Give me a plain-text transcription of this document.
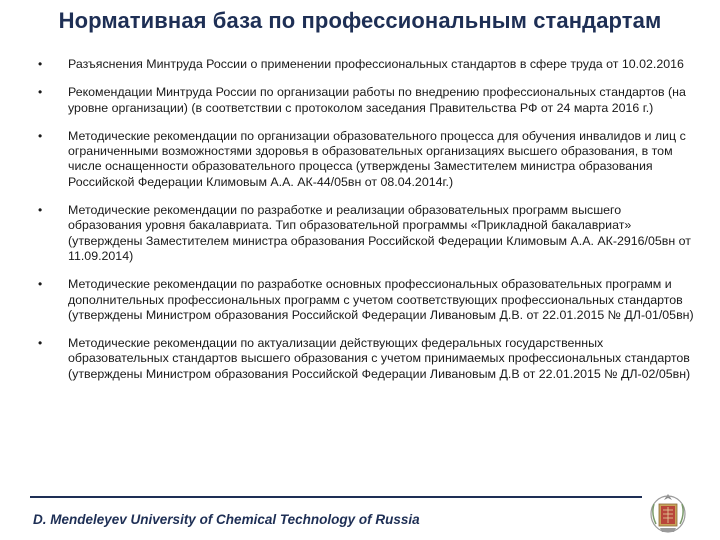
Нормативная база по профессиональным стандартам
• Разъяснения Минтруда России о применении профессиональных стандартов в сфере труда от 10.02.2016
• Рекомендации Минтруда России по организации работы по внедрению профессиональных стандартов (на уровне организации) (в соответствии с протоколом заседания Правительства РФ от 24 марта 2016 г.)
• Методические рекомендации по организации образовательного процесса для обучения инвалидов и лиц с ограниченными возможностями здоровья в образовательных организациях высшего образования, в том числе оснащенности образовательного процесса (утверждены Заместителем министра образования Российской Федерации Климовым А.А. АК-44/05вн от 08.04.2014г.)
• Методические рекомендации по разработке и реализации образовательных программ высшего образования уровня бакалавриата. Тип образовательной программы «Прикладной бакалавриат» (утверждены Заместителем министра образования Российской Федерации Климовым А.А. АК-2916/05вн от 11.09.2014)
• Методические рекомендации по разработке основных профессиональных образовательных программ и дополнительных профессиональных программ с учетом соответствующих профессиональных стандартов (утверждены Министром образования Российской Федерации Ливановым Д.В. от 22.01.2015 № ДЛ-01/05вн)
• Методические рекомендации по актуализации действующих федеральных государственных образовательных стандартов высшего образования с учетом принимаемых профессиональных стандартов (утверждены Министром образования Российской Федерации Ливановым Д.В от 22.01.2015 № ДЛ-02/05вн)
D. Mendeleyev University of Chemical Technology of Russia
